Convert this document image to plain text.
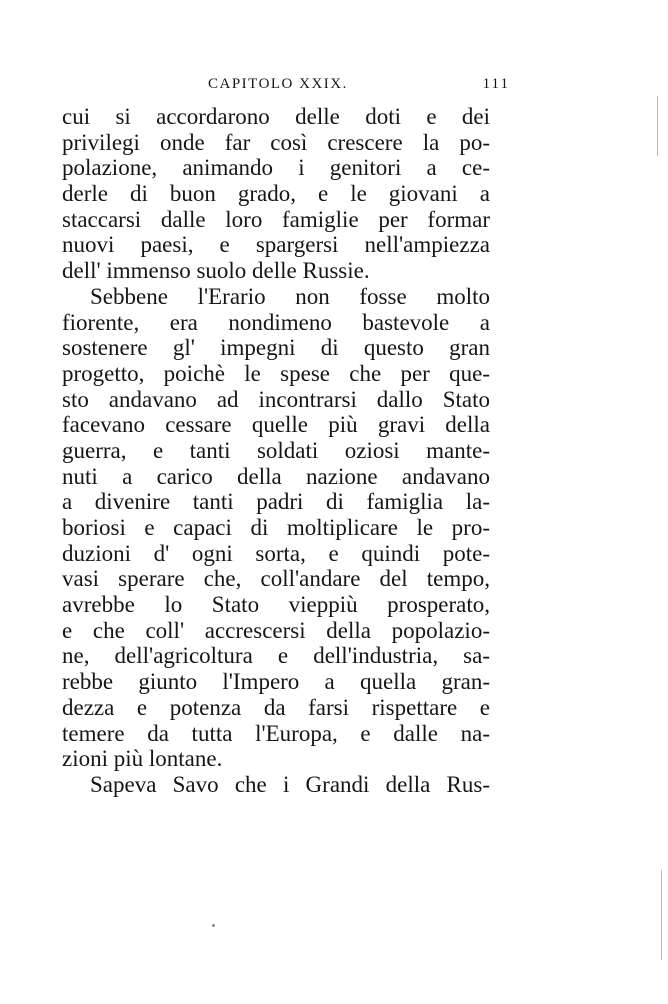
CAPITOLO XXIX.	111
cui si accordarono delle doti e dei
privilegi onde far così crescere la po-
polazione, animando i genitori a ce-
derle di buon grado, e le giovani a
staccarsi dalle loro famiglie per formar
nuovi paesi, e spargersi nell'ampiezza
dell' immenso suolo delle Russie.
Sebbene l'Erario non fosse molto
fiorente, era nondimeno bastevole a
sostenere gl' impegni di questo gran
progetto, poichè le spese che per que-
sto andavano ad incontrarsi dallo Stato
facevano cessare quelle più gravi della
guerra, e tanti soldati oziosi mante-
nuti a carico della nazione andavano
a divenire tanti padri di famiglia la-
boriosi e capaci di moltiplicare le pro-
duzioni d' ogni sorta, e quindi pote-
vasi sperare che, coll'andare del tempo,
avrebbe lo Stato vieppiù prosperato,
e che coll' accrescersi della popolazio-
ne, dell'agricoltura e dell'industria, sa-
rebbe giunto l'Impero a quella gran-
dezza e potenza da farsi rispettare e
temere da tutta l'Europa, e dalle na-
zioni più lontane.
Sapeva Savo che i Grandi della Rus-
